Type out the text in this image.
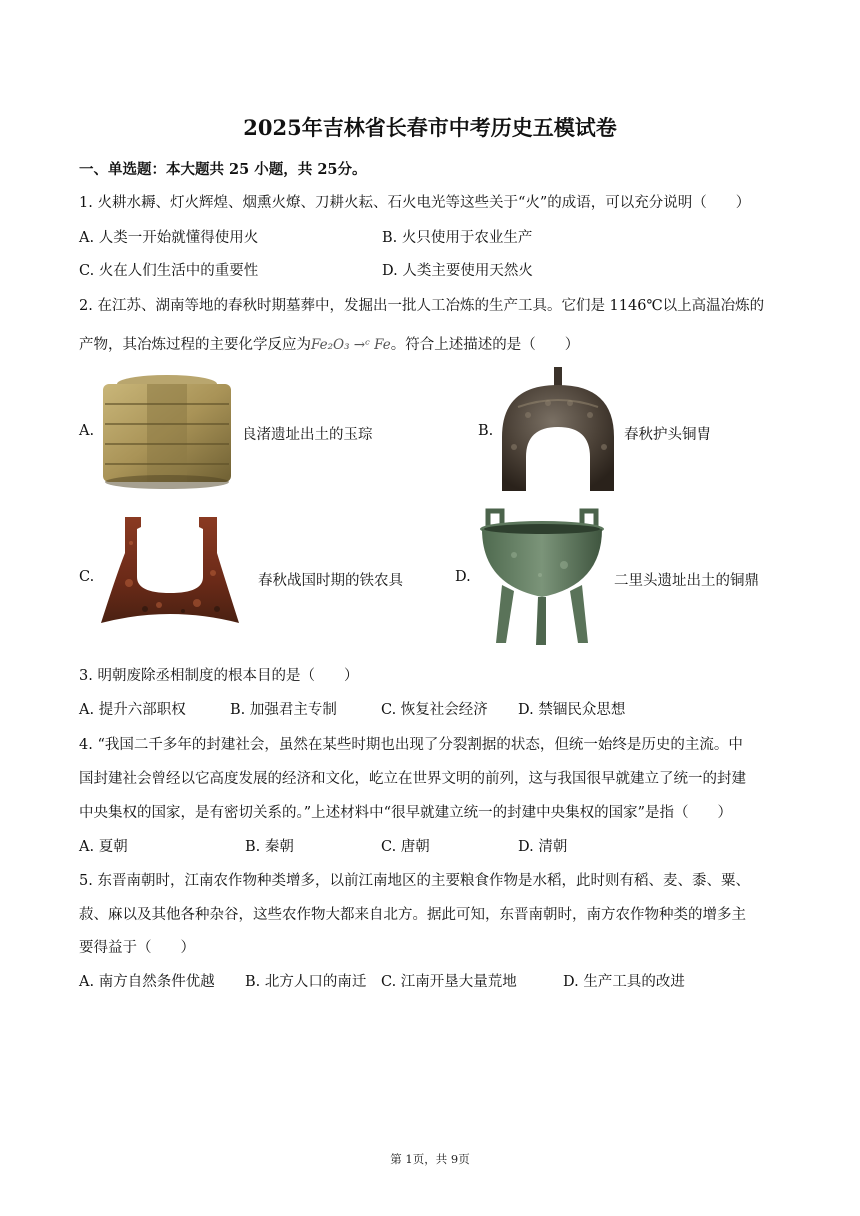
2025年吉林省长春市中考历史五模试卷
一、单选题：本大题共 25 小题，共 25分。
1. 火耕水耨、灯火辉煌、烟熏火燎、刀耕火耘、石火电光等这些关于“火”的成语，可以充分说明（　　）
A. 人类一开始就懂得使用火	B. 火只使用于农业生产
C. 火在人们生活中的重要性	D. 人类主要使用天然火
2. 在江苏、湖南等地的春秋时期墓葬中，发掘出一批人工冶炼的生产工具。它们是 1146℃以上高温冶炼的
产物，其冶炼过程的主要化学反应为Fe₂O₃ →ᶜ Fe。符合上述描述的是（　　）
A.	良渚遗址出土的玉琮	B.	春秋护头铜胄
C.	春秋战国时期的铁农具	D.	二里头遗址出土的铜鼎
3. 明朝废除丞相制度的根本目的是（　　）
A. 提升六部职权	B. 加强君主专制	C. 恢复社会经济 D. 禁锢民众思想
4. “我国二千多年的封建社会，虽然在某些时期也出现了分裂割据的状态，但统一始终是历史的主流。中
国封建社会曾经以它高度发展的经济和文化，屹立在世界文明的前列，这与我国很早就建立了统一的封建
中央集权的国家，是有密切关系的。”上述材料中“很早就建立统一的封建中央集权的国家”是指（　　）
A. 夏朝	B. 秦朝	C. 唐朝	D. 清朝
5. 东晋南朝时，江南农作物种类增多，以前江南地区的主要粮食作物是水稻，此时则有稻、麦、黍、粟、
菽、麻以及其他各种杂谷，这些农作物大都来自北方。据此可知，东晋南朝时，南方农作物种类的增多主
要得益于（　　）
A. 南方自然条件优越 B. 北方人口的南迁 C. 江南开垦大量荒地	D. 生产工具的改进
第 1页，共 9页
